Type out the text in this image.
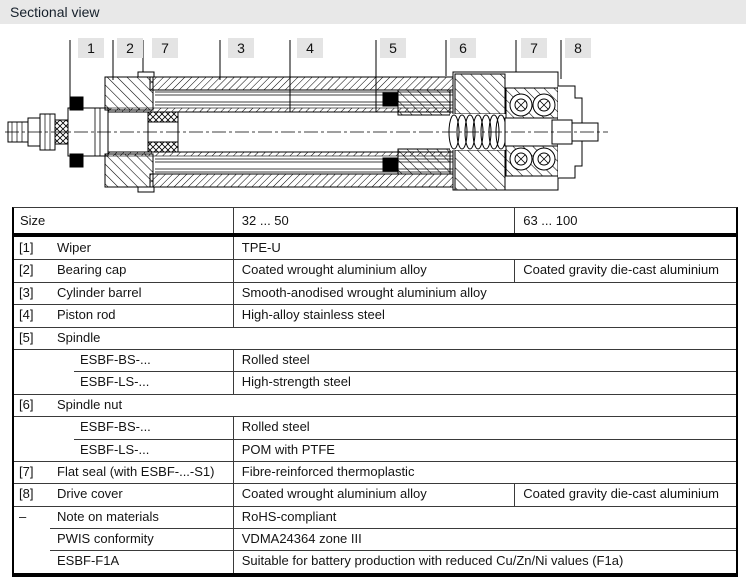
Sectional view
1	2	7	3	4	5	6	7	8
Size	32 ... 50	63 ... 100
[1] Wiper	TPE-U
[2] Bearing cap	Coated wrought aluminium alloy	Coated gravity die-cast aluminium
[3] Cylinder barrel	Smooth-anodised wrought aluminium alloy
[4] Piston rod	High-alloy stainless steel
[5] Spindle
ESBF-BS-...	Rolled steel
ESBF-LS-...	High-strength steel
[6] Spindle nut
ESBF-BS-...	Rolled steel
ESBF-LS-...	POM with PTFE
[7] Flat seal (with ESBF-...-S1)	Fibre-reinforced thermoplastic
[8] Drive cover	Coated wrought aluminium alloy	Coated gravity die-cast aluminium
– Note on materials	RoHS-compliant
PWIS conformity	VDMA24364 zone III
ESBF-F1A	Suitable for battery production with reduced Cu/Zn/Ni values (F1a)
